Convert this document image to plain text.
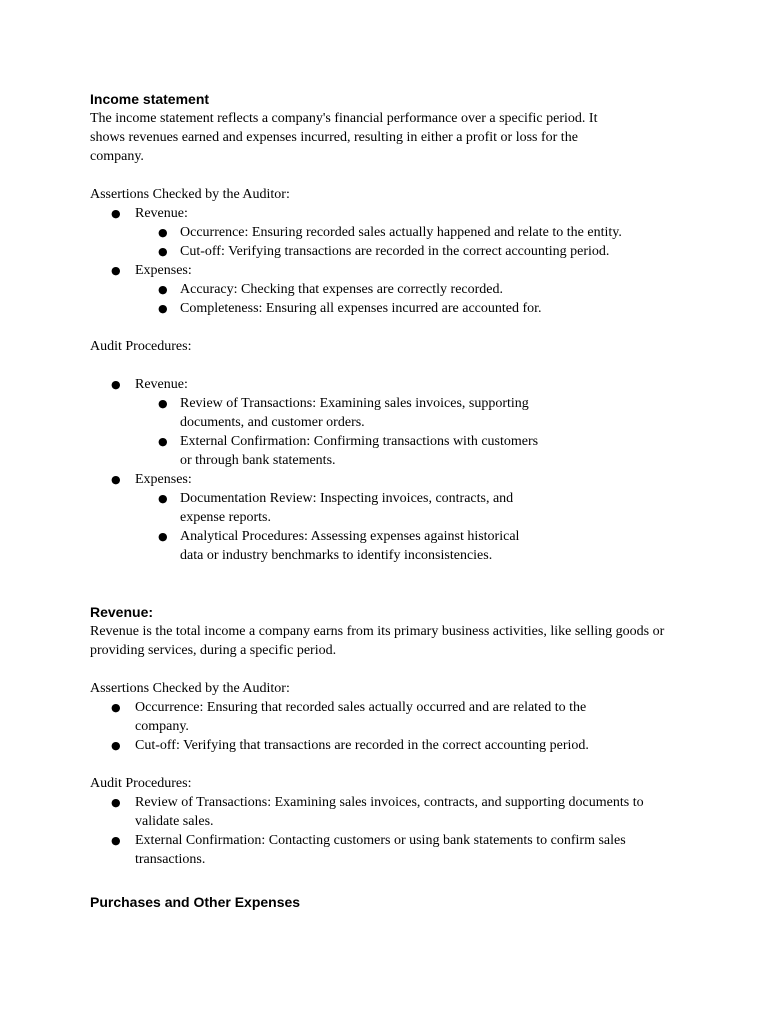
Income statement

The income statement reflects a company's financial performance over a specific period. It shows revenues earned and expenses incurred, resulting in either a profit or loss for the company.

Assertions Checked by the Auditor:

● Revenue:
● Occurrence: Ensuring recorded sales actually happened and relate to the entity.
● Cut-off: Verifying transactions are recorded in the correct accounting period.
● Expenses:
● Accuracy: Checking that expenses are correctly recorded.
● Completeness: Ensuring all expenses incurred are accounted for.

Audit Procedures:

● Revenue:
● Review of Transactions: Examining sales invoices, supporting documents, and customer orders.
● External Confirmation: Confirming transactions with customers or through bank statements.
● Expenses:
● Documentation Review: Inspecting invoices, contracts, and expense reports.
● Analytical Procedures: Assessing expenses against historical data or industry benchmarks to identify inconsistencies.

Revenue:

Revenue is the total income a company earns from its primary business activities, like selling goods or providing services, during a specific period.

Assertions Checked by the Auditor:

● Occurrence: Ensuring that recorded sales actually occurred and are related to the company.
● Cut-off: Verifying that transactions are recorded in the correct accounting period.

Audit Procedures:

● Review of Transactions: Examining sales invoices, contracts, and supporting documents to validate sales.
● External Confirmation: Contacting customers or using bank statements to confirm sales transactions.

Purchases and Other Expenses
